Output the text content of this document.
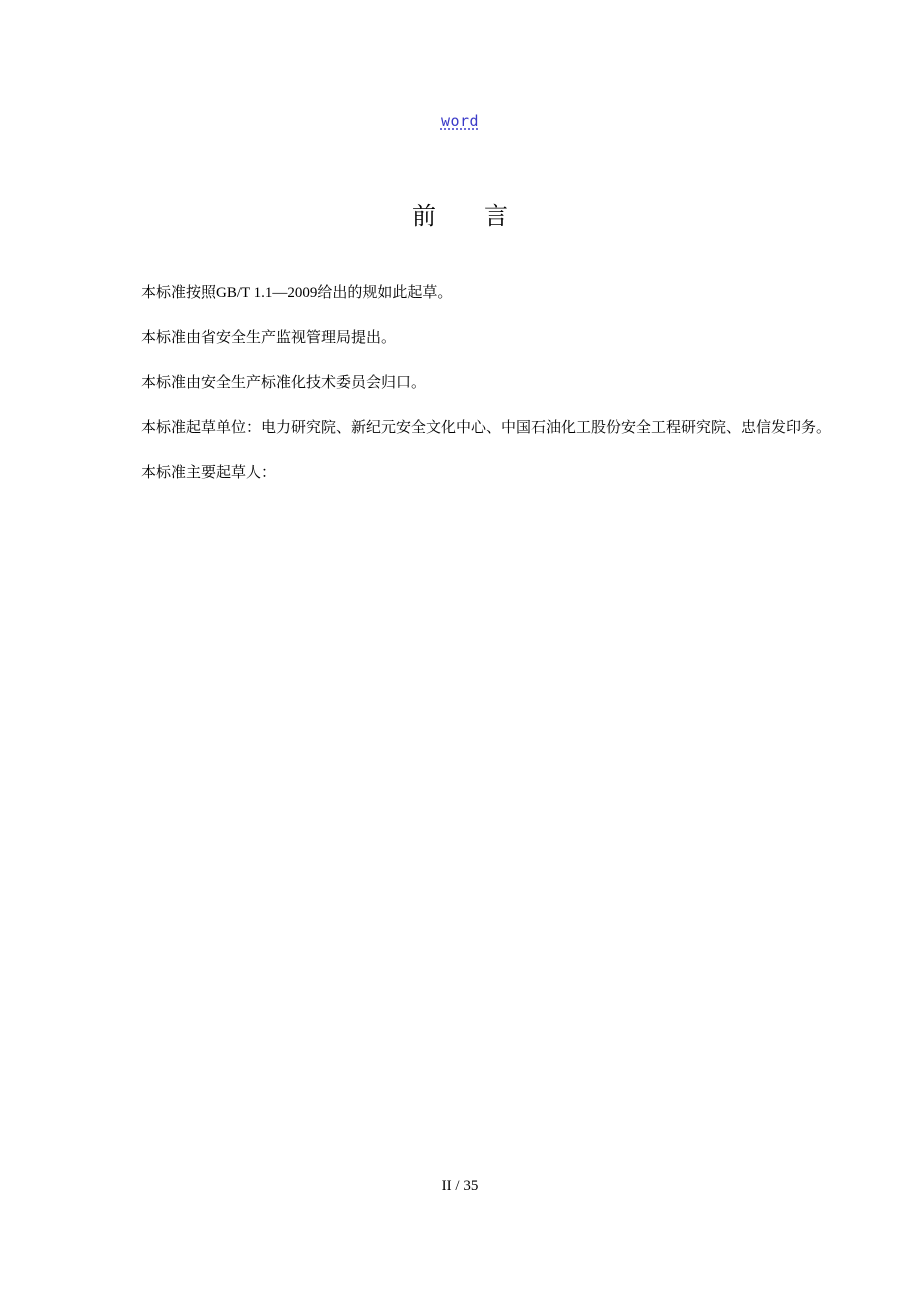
word
前 言

本标准按照GB/T 1.1—2009给出的规如此起草。

本标准由省安全生产监视管理局提出。

本标准由安全生产标准化技术委员会归口。

本标准起草单位：电力研究院、新纪元安全文化中心、中国石油化工股份安全工程研究院、忠信发印务。

本标准主要起草人：

II / 35
